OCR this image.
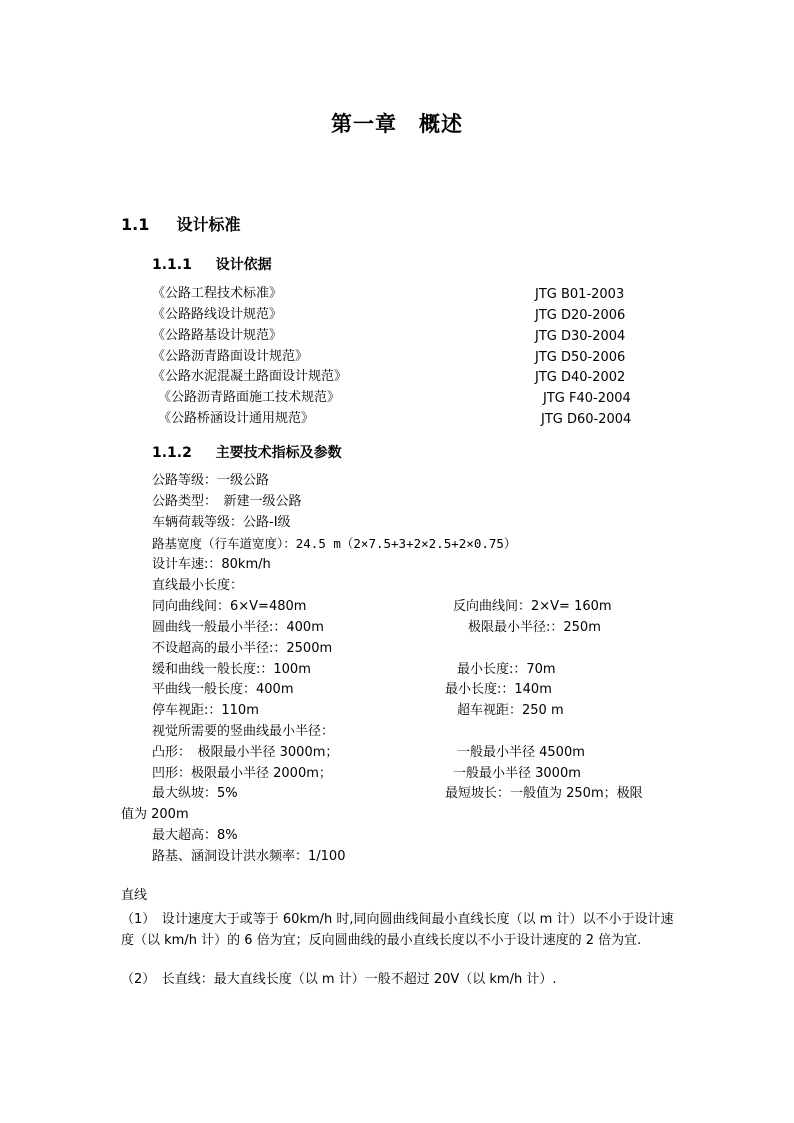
第一章　概述
1.1 设计标准
1.1.1 设计依据
《公路工程技术标准》	JTG B01-2003
《公路路线设计规范》	JTG D20-2006
《公路路基设计规范》	JTG D30-2004
《公路沥青路面设计规范》	JTG D50-2006
《公路水泥混凝土路面设计规范》	JTG D40-2002
《公路沥青路面施工技术规范》	JTG F40-2004
《公路桥涵设计通用规范》	JTG D60-2004
1.1.2 主要技术指标及参数
公路等级：一级公路
公路类型：　新建一级公路
车辆荷载等级：公路-Ⅰ级
路基宽度（行车道宽度）：24.5 m（2×7.5+3+2×2.5+2×0.75）
设计车速:：80km/h
直线最小长度：
同向曲线间：6×V=480m	反向曲线间：2×V= 160m
圆曲线一般最小半径:：400m	极限最小半径:：250m
不设超高的最小半径:：2500m
缓和曲线一般长度:：100m	最小长度:：70m
平曲线一般长度：400m	最小长度:：140m
停车视距:：110m	超车视距：250 m
视觉所需要的竖曲线最小半径：
凸形：　极限最小半径 3000m；	一般最小半径 4500m
凹形：极限最小半径 2000m；	一般最小半径 3000m
最大纵坡：5%	最短坡长：一般值为 250m；极限
值为 200m
最大超高：8%
路基、涵洞设计洪水频率：1/100
直线
（1）　设计速度大于或等于 60km/h 时,同向圆曲线间最小直线长度（以 m 计）以不小于设计速度（以 km/h 计）的 6 倍为宜；反向圆曲线的最小直线长度以不小于设计速度的 2 倍为宜.
（2）　长直线：最大直线长度（以 m 计）一般不超过 20V（以 km/h 计）.
